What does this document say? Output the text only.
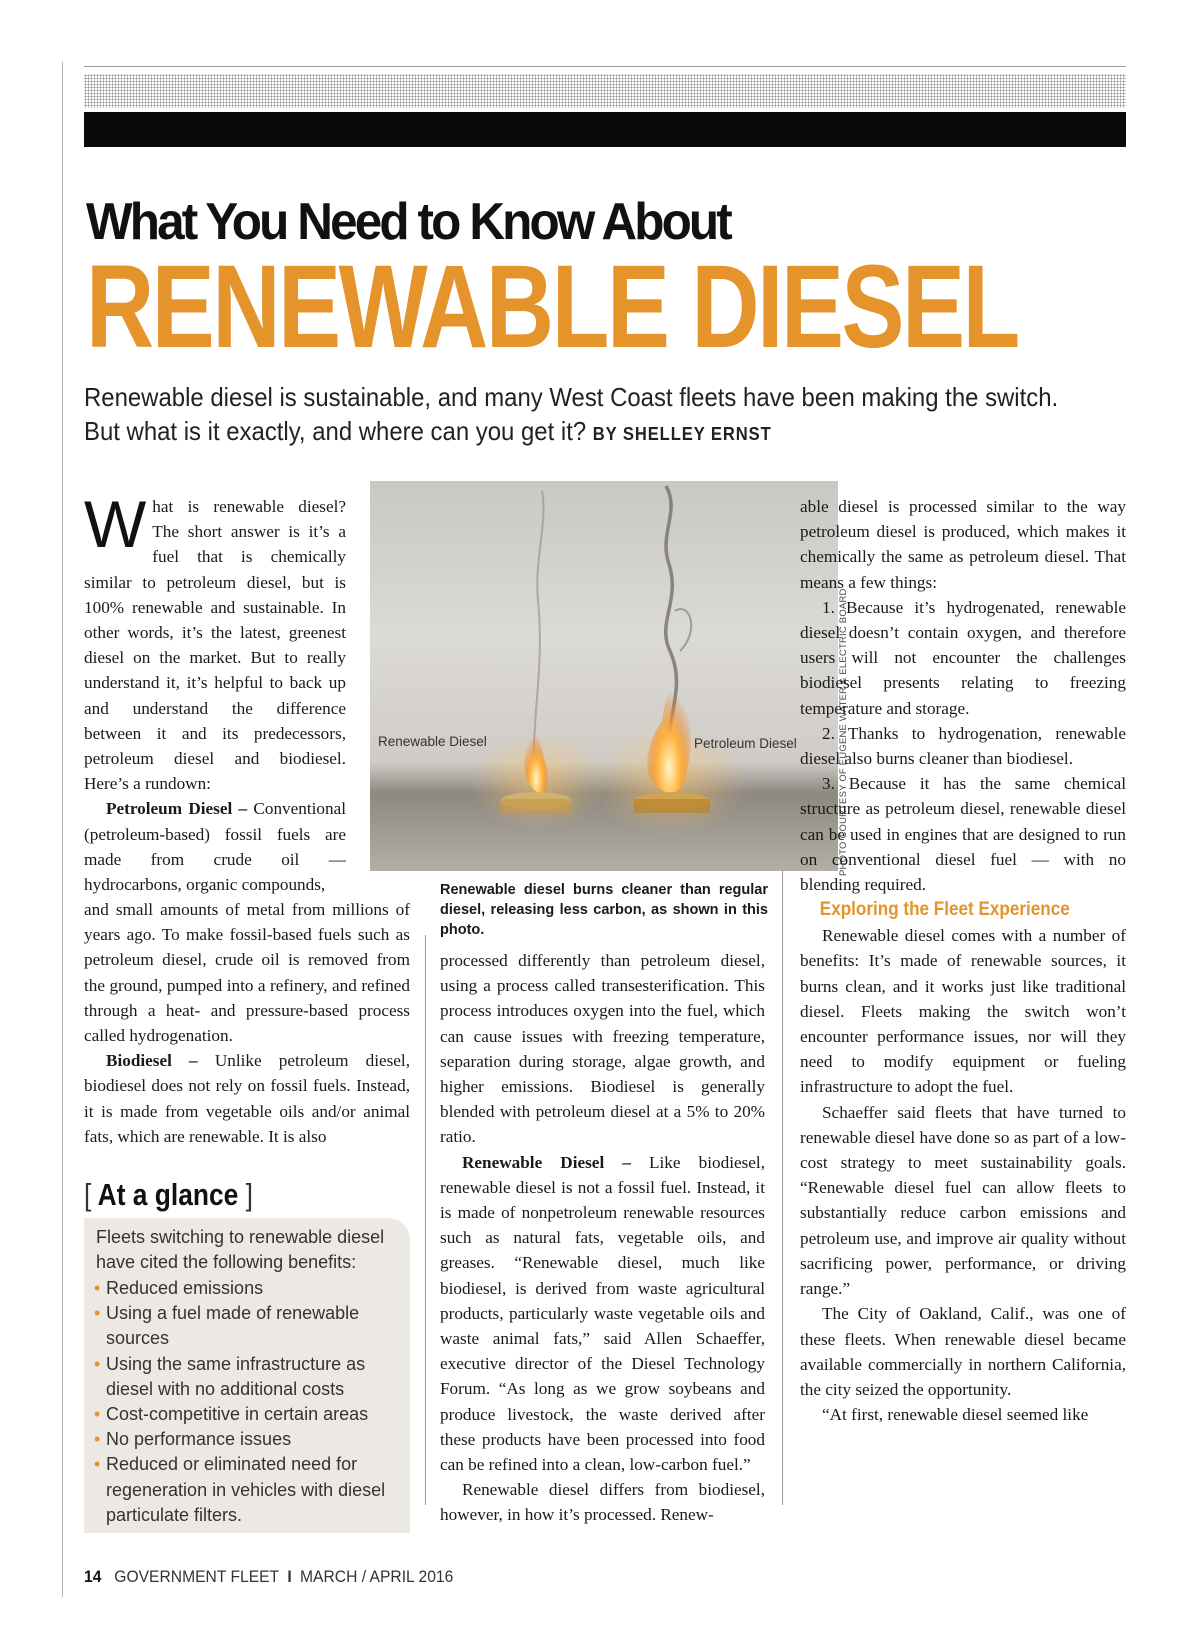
What You Need to Know About
RENEWABLE DIESEL

Renewable diesel is sustainable, and many West Coast fleets have been making the switch. But what is it exactly, and where can you get it? BY SHELLEY ERNST

What is renewable diesel? The short answer is it’s a fuel that is chemically similar to petroleum diesel, but is 100% renewable and sustainable. In other words, it’s the latest, greenest diesel on the market. But to really understand it, it’s helpful to back up and understand the difference between it and its predecessors, petroleum diesel and biodiesel. Here’s a rundown:

Petroleum Diesel – Conventional (petroleum-based) fossil fuels are made from crude oil — hydrocarbons, organic compounds,

and small amounts of metal from millions of years ago. To make fossil-based fuels such as petroleum diesel, crude oil is removed from the ground, pumped into a refinery, and refined through a heat- and pressure-based process called hydrogenation.

Biodiesel – Unlike petroleum diesel, biodiesel does not rely on fossil fuels. Instead, it is made from vegetable oils and/or animal fats, which are renewable. It is also

Renewable Diesel	Petroleum Diesel	PHOTO COURTESY OF EUGENE WATER & ELECTRIC BOARD

Renewable diesel burns cleaner than regular diesel, releasing less carbon, as shown in this photo.

processed differently than petroleum diesel, using a process called transesterification. This process introduces oxygen into the fuel, which can cause issues with freezing temperature, separation during storage, algae growth, and higher emissions. Biodiesel is generally blended with petroleum diesel at a 5% to 20% ratio.

Renewable Diesel – Like biodiesel, renewable diesel is not a fossil fuel. Instead, it is made of nonpetroleum renewable resources such as natural fats, vegetable oils, and greases. “Renewable diesel, much like biodiesel, is derived from waste agricultural products, particularly waste vegetable oils and waste animal fats,” said Allen Schaeffer, executive director of the Diesel Technology Forum. “As long as we grow soybeans and produce livestock, the waste derived after these products have been processed into food can be refined into a clean, low-carbon fuel.”

Renewable diesel differs from biodiesel, however, in how it’s processed. Renew-

able diesel is processed similar to the way petroleum diesel is produced, which makes it chemically the same as petroleum diesel. That means a few things:

1. Because it’s hydrogenated, renewable diesel doesn’t contain oxygen, and therefore users will not encounter the challenges biodiesel presents relating to freezing temperature and storage.

2. Thanks to hydrogenation, renewable diesel also burns cleaner than biodiesel.

3. Because it has the same chemical structure as petroleum diesel, renewable diesel can be used in engines that are designed to run on conventional diesel fuel — with no blending required.

Exploring the Fleet Experience

Renewable diesel comes with a number of benefits: It’s made of renewable sources, it burns clean, and it works just like traditional diesel. Fleets making the switch won’t encounter performance issues, nor will they need to modify equipment or fueling infrastructure to adopt the fuel.

Schaeffer said fleets that have turned to renewable diesel have done so as part of a low-cost strategy to meet sustainability goals. “Renewable diesel fuel can allow fleets to substantially reduce carbon emissions and petroleum use, and improve air quality without sacrificing power, performance, or driving range.”

The City of Oakland, Calif., was one of these fleets. When renewable diesel became available commercially in northern California, the city seized the opportunity.

“At first, renewable diesel seemed like

[ At a glance ]

Fleets switching to renewable diesel have cited the following benefits:

• Reduced emissions
• Using a fuel made of renewable sources
• Using the same infrastructure as diesel with no additional costs
• Cost-competitive in certain areas
• No performance issues
• Reduced or eliminated need for regeneration in vehicles with diesel particulate filters.
14 GOVERNMENT FLEET I MARCH / APRIL 2016
